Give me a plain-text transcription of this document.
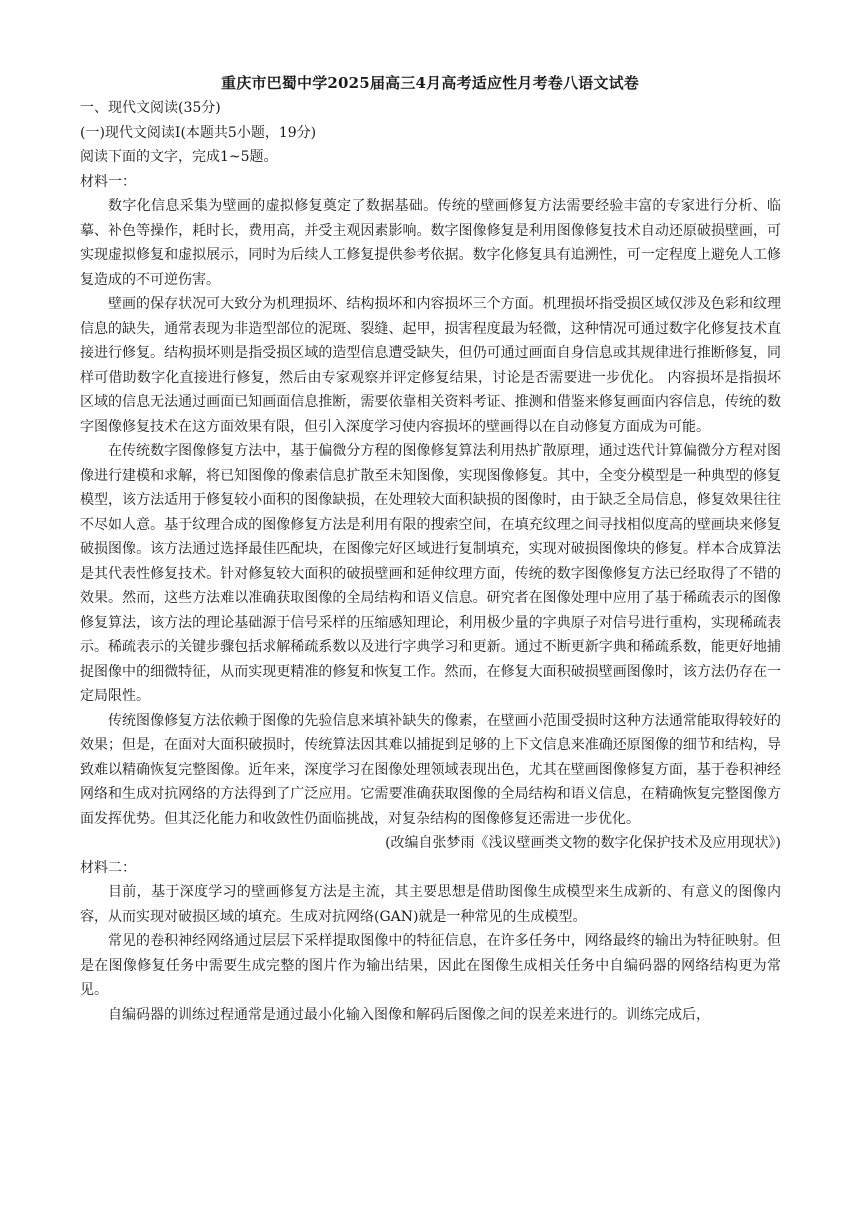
重庆市巴蜀中学2025届高三4月高考适应性月考卷八语文试卷
一、现代文阅读(35分)
(一)现代文阅读Ⅰ(本题共5小题，19分)
阅读下面的文字，完成1~5题。
材料一：

数字化信息采集为壁画的虚拟修复奠定了数据基础。传统的壁画修复方法需要经验丰富的专家进行分析、临摹、补色等操作，耗时长，费用高，并受主观因素影响。数字图像修复是利用图像修复技术自动还原破损壁画，可实现虚拟修复和虚拟展示，同时为后续人工修复提供参考依据。数字化修复具有追溯性，可一定程度上避免人工修复造成的不可逆伤害。

壁画的保存状况可大致分为机理损坏、结构损坏和内容损坏三个方面。机理损坏指受损区域仅涉及色彩和纹理信息的缺失，通常表现为非造型部位的泥斑、裂缝、起甲，损害程度最为轻微，这种情况可通过数字化修复技术直接进行修复。结构损坏则是指受损区域的造型信息遭受缺失，但仍可通过画面自身信息或其规律进行推断修复，同样可借助数字化直接进行修复，然后由专家观察并评定修复结果，讨论是否需要进一步优化。 内容损坏是指损坏区域的信息无法通过画面已知画面信息推断，需要依靠相关资料考证、推测和借鉴来修复画面内容信息，传统的数字图像修复技术在这方面效果有限，但引入深度学习使内容损坏的壁画得以在自动修复方面成为可能。

在传统数字图像修复方法中，基于偏微分方程的图像修复算法利用热扩散原理，通过迭代计算偏微分方程对图像进行建模和求解，将已知图像的像素信息扩散至未知图像，实现图像修复。其中，全变分模型是一种典型的修复模型，该方法适用于修复较小面积的图像缺损，在处理较大面积缺损的图像时，由于缺乏全局信息，修复效果往往不尽如人意。基于纹理合成的图像修复方法是利用有限的搜索空间，在填充纹理之间寻找相似度高的壁画块来修复破损图像。该方法通过选择最佳匹配块，在图像完好区域进行复制填充，实现对破损图像块的修复。样本合成算法是其代表性修复技术。针对修复较大面积的破损壁画和延伸纹理方面，传统的数字图像修复方法已经取得了不错的效果。然而，这些方法难以准确获取图像的全局结构和语义信息。研究者在图像处理中应用了基于稀疏表示的图像修复算法，该方法的理论基础源于信号采样的压缩感知理论，利用极少量的字典原子对信号进行重构，实现稀疏表示。稀疏表示的关键步骤包括求解稀疏系数以及进行字典学习和更新。通过不断更新字典和稀疏系数，能更好地捕捉图像中的细微特征，从而实现更精准的修复和恢复工作。然而，在修复大面积破损壁画图像时，该方法仍存在一定局限性。

传统图像修复方法依赖于图像的先验信息来填补缺失的像素，在壁画小范围受损时这种方法通常能取得较好的效果；但是，在面对大面积破损时，传统算法因其难以捕捉到足够的上下文信息来准确还原图像的细节和结构，导致难以精确恢复完整图像。近年来，深度学习在图像处理领域表现出色，尤其在壁画图像修复方面，基于卷积神经网络和生成对抗网络的方法得到了广泛应用。它需要准确获取图像的全局结构和语义信息，在精确恢复完整图像方面发挥优势。但其泛化能力和收敛性仍面临挑战，对复杂结构的图像修复还需进一步优化。

(改编自张梦雨《浅议壁画类文物的数字化保护技术及应用现状》)
材料二：

目前，基于深度学习的壁画修复方法是主流，其主要思想是借助图像生成模型来生成新的、有意义的图像内容，从而实现对破损区域的填充。生成对抗网络(GAN)就是一种常见的生成模型。

常见的卷积神经网络通过层层下采样提取图像中的特征信息，在许多任务中，网络最终的输出为特征映射。但是在图像修复任务中需要生成完整的图片作为输出结果，因此在图像生成相关任务中自编码器的网络结构更为常见。

自编码器的训练过程通常是通过最小化输入图像和解码后图像之间的误差来进行的。训练完成后，
